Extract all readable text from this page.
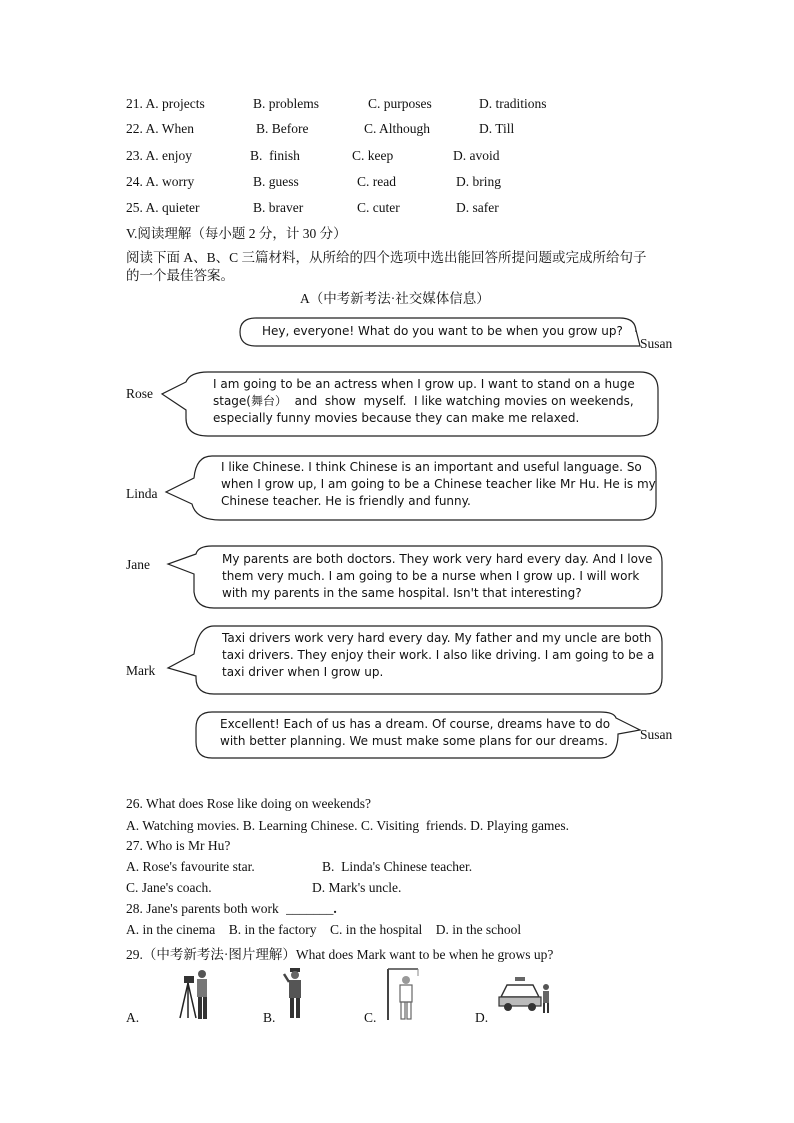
21. A. projects	B. problems	C. purposes	D. traditions
22. A. When	B. Before	C. Although	D. Till
23. A. enjoy	B.  finish	C. keep	D. avoid
24. A. worry	B. guess	C. read	D. bring
25. A. quieter	B. braver	C. cuter	D. safer
V.阅读理解（每小题 2 分，计 30 分）
阅读下面 A、B、C 三篇材料，从所给的四个选项中选出能回答所提问题或完成所给句子
的一个最佳答案。
A（中考新考法·社交媒体信息）
Hey, everyone! What do you want to be when you grow up?
Susan
Rose
I am going to be an actress when I grow up. I want to stand on a huge
stage(舞台）  and  show  myself.  I like watching movies on weekends,
especially funny movies because they can make me relaxed.
Linda
I like Chinese. I think Chinese is an important and useful language. So
when I grow up, I am going to be a Chinese teacher like Mr Hu. He is my
Chinese teacher. He is friendly and funny.
Jane	My parents are both doctors. They work very hard every day. And I love
them very much. I am going to be a nurse when I grow up. I will work
with my parents in the same hospital. Isn't that interesting?
Mark
Taxi drivers work very hard every day. My father and my uncle are both
taxi drivers. They enjoy their work. I also like driving. I am going to be a
taxi driver when I grow up.
Excellent! Each of us has a dream. Of course, dreams have to do
with better planning. We must make some plans for our dreams. Susan
26. What does Rose like doing on weekends?
A. Watching movies. B. Learning Chinese. C. Visiting  friends. D. Playing games.
27. Who is Mr Hu?
A. Rose's favourite star.	B.  Linda's Chinese teacher.
C. Jane's coach.	D. Mark's uncle.
28. Jane's parents both work _______.
A. in the cinema    B. in the factory    C. in the hospital    D. in the school
29.（中考新考法·图片理解）What does Mark want to be when he grows up?
A.	B.	C.	D.
